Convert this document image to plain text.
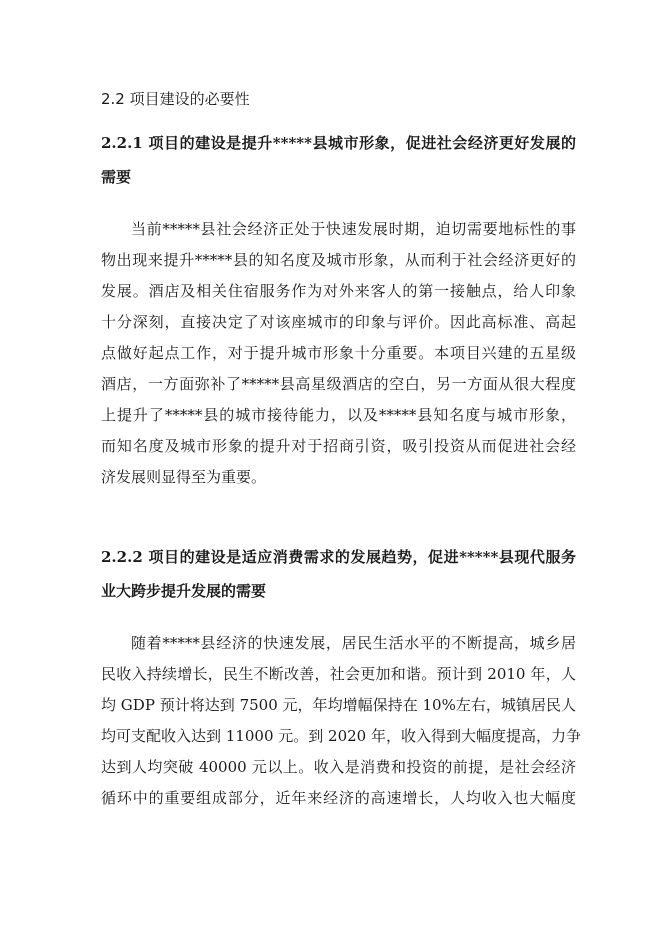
2.2 项目建设的必要性
2.2.1 项目的建设是提升*****县城市形象，促进社会经济更好发展的
需要
当前*****县社会经济正处于快速发展时期，迫切需要地标性的事
物出现来提升*****县的知名度及城市形象，从而利于社会经济更好的
发展。酒店及相关住宿服务作为对外来客人的第一接触点，给人印象
十分深刻，直接决定了对该座城市的印象与评价。因此高标准、高起
点做好起点工作，对于提升城市形象十分重要。本项目兴建的五星级
酒店，一方面弥补了*****县高星级酒店的空白，另一方面从很大程度
上提升了*****县的城市接待能力，以及*****县知名度与城市形象，
而知名度及城市形象的提升对于招商引资，吸引投资从而促进社会经
济发展则显得至为重要。
2.2.2 项目的建设是适应消费需求的发展趋势，促进*****县现代服务
业大跨步提升发展的需要
随着*****县经济的快速发展，居民生活水平的不断提高，城乡居
民收入持续增长，民生不断改善，社会更加和谐。预计到 2010 年，人
均 GDP 预计将达到 7500 元，年均增幅保持在 10%左右，城镇居民人
均可支配收入达到 11000 元。到 2020 年，收入得到大幅度提高，力争
达到人均突破 40000 元以上。收入是消费和投资的前提，是社会经济
循环中的重要组成部分，近年来经济的高速增长，人均收入也大幅度
